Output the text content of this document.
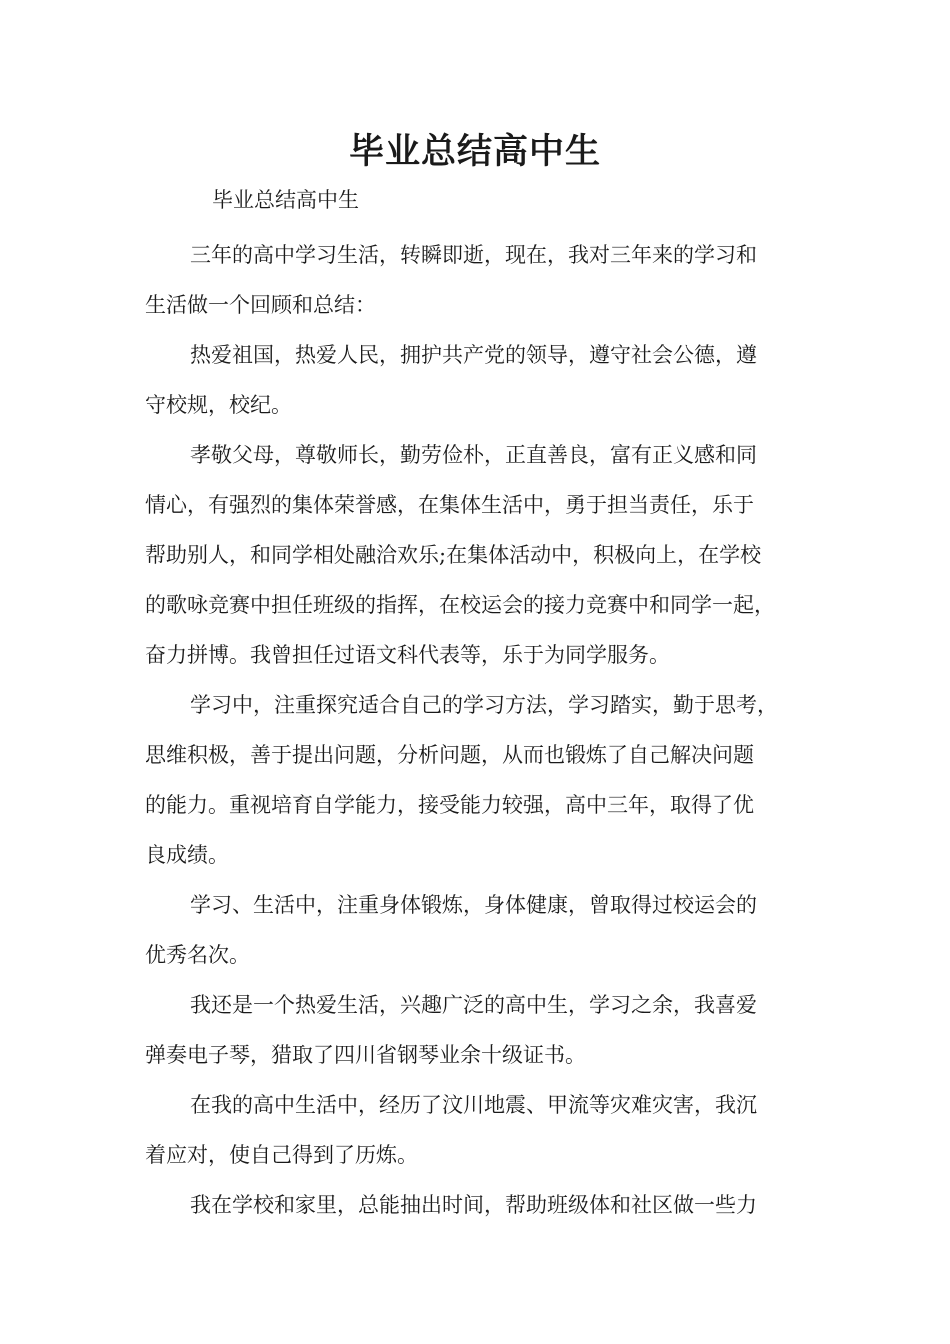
毕业总结高中生

毕业总结高中生

三年的高中学习生活，转瞬即逝，现在，我对三年来的学习和
生活做一个回顾和总结：

热爱祖国，热爱人民，拥护共产党的领导，遵守社会公德，遵
守校规，校纪。

孝敬父母，尊敬师长，勤劳俭朴，正直善良，富有正义感和同
情心，有强烈的集体荣誉感，在集体生活中，勇于担当责任，乐于
帮助别人，和同学相处融洽欢乐;在集体活动中，积极向上，在学校
的歌咏竞赛中担任班级的指挥，在校运会的接力竞赛中和同学一起，
奋力拼博。我曾担任过语文科代表等，乐于为同学服务。

学习中，注重探究适合自己的学习方法，学习踏实，勤于思考，
思维积极，善于提出问题，分析问题，从而也锻炼了自己解决问题
的能力。重视培育自学能力，接受能力较强，高中三年，取得了优
良成绩。

学习、生活中，注重身体锻炼，身体健康，曾取得过校运会的
优秀名次。

我还是一个热爱生活，兴趣广泛的高中生，学习之余，我喜爱
弹奏电子琴，猎取了四川省钢琴业余十级证书。

在我的高中生活中，经历了汶川地震、甲流等灾难灾害，我沉
着应对，使自己得到了历炼。

我在学校和家里，总能抽出时间，帮助班级体和社区做一些力
